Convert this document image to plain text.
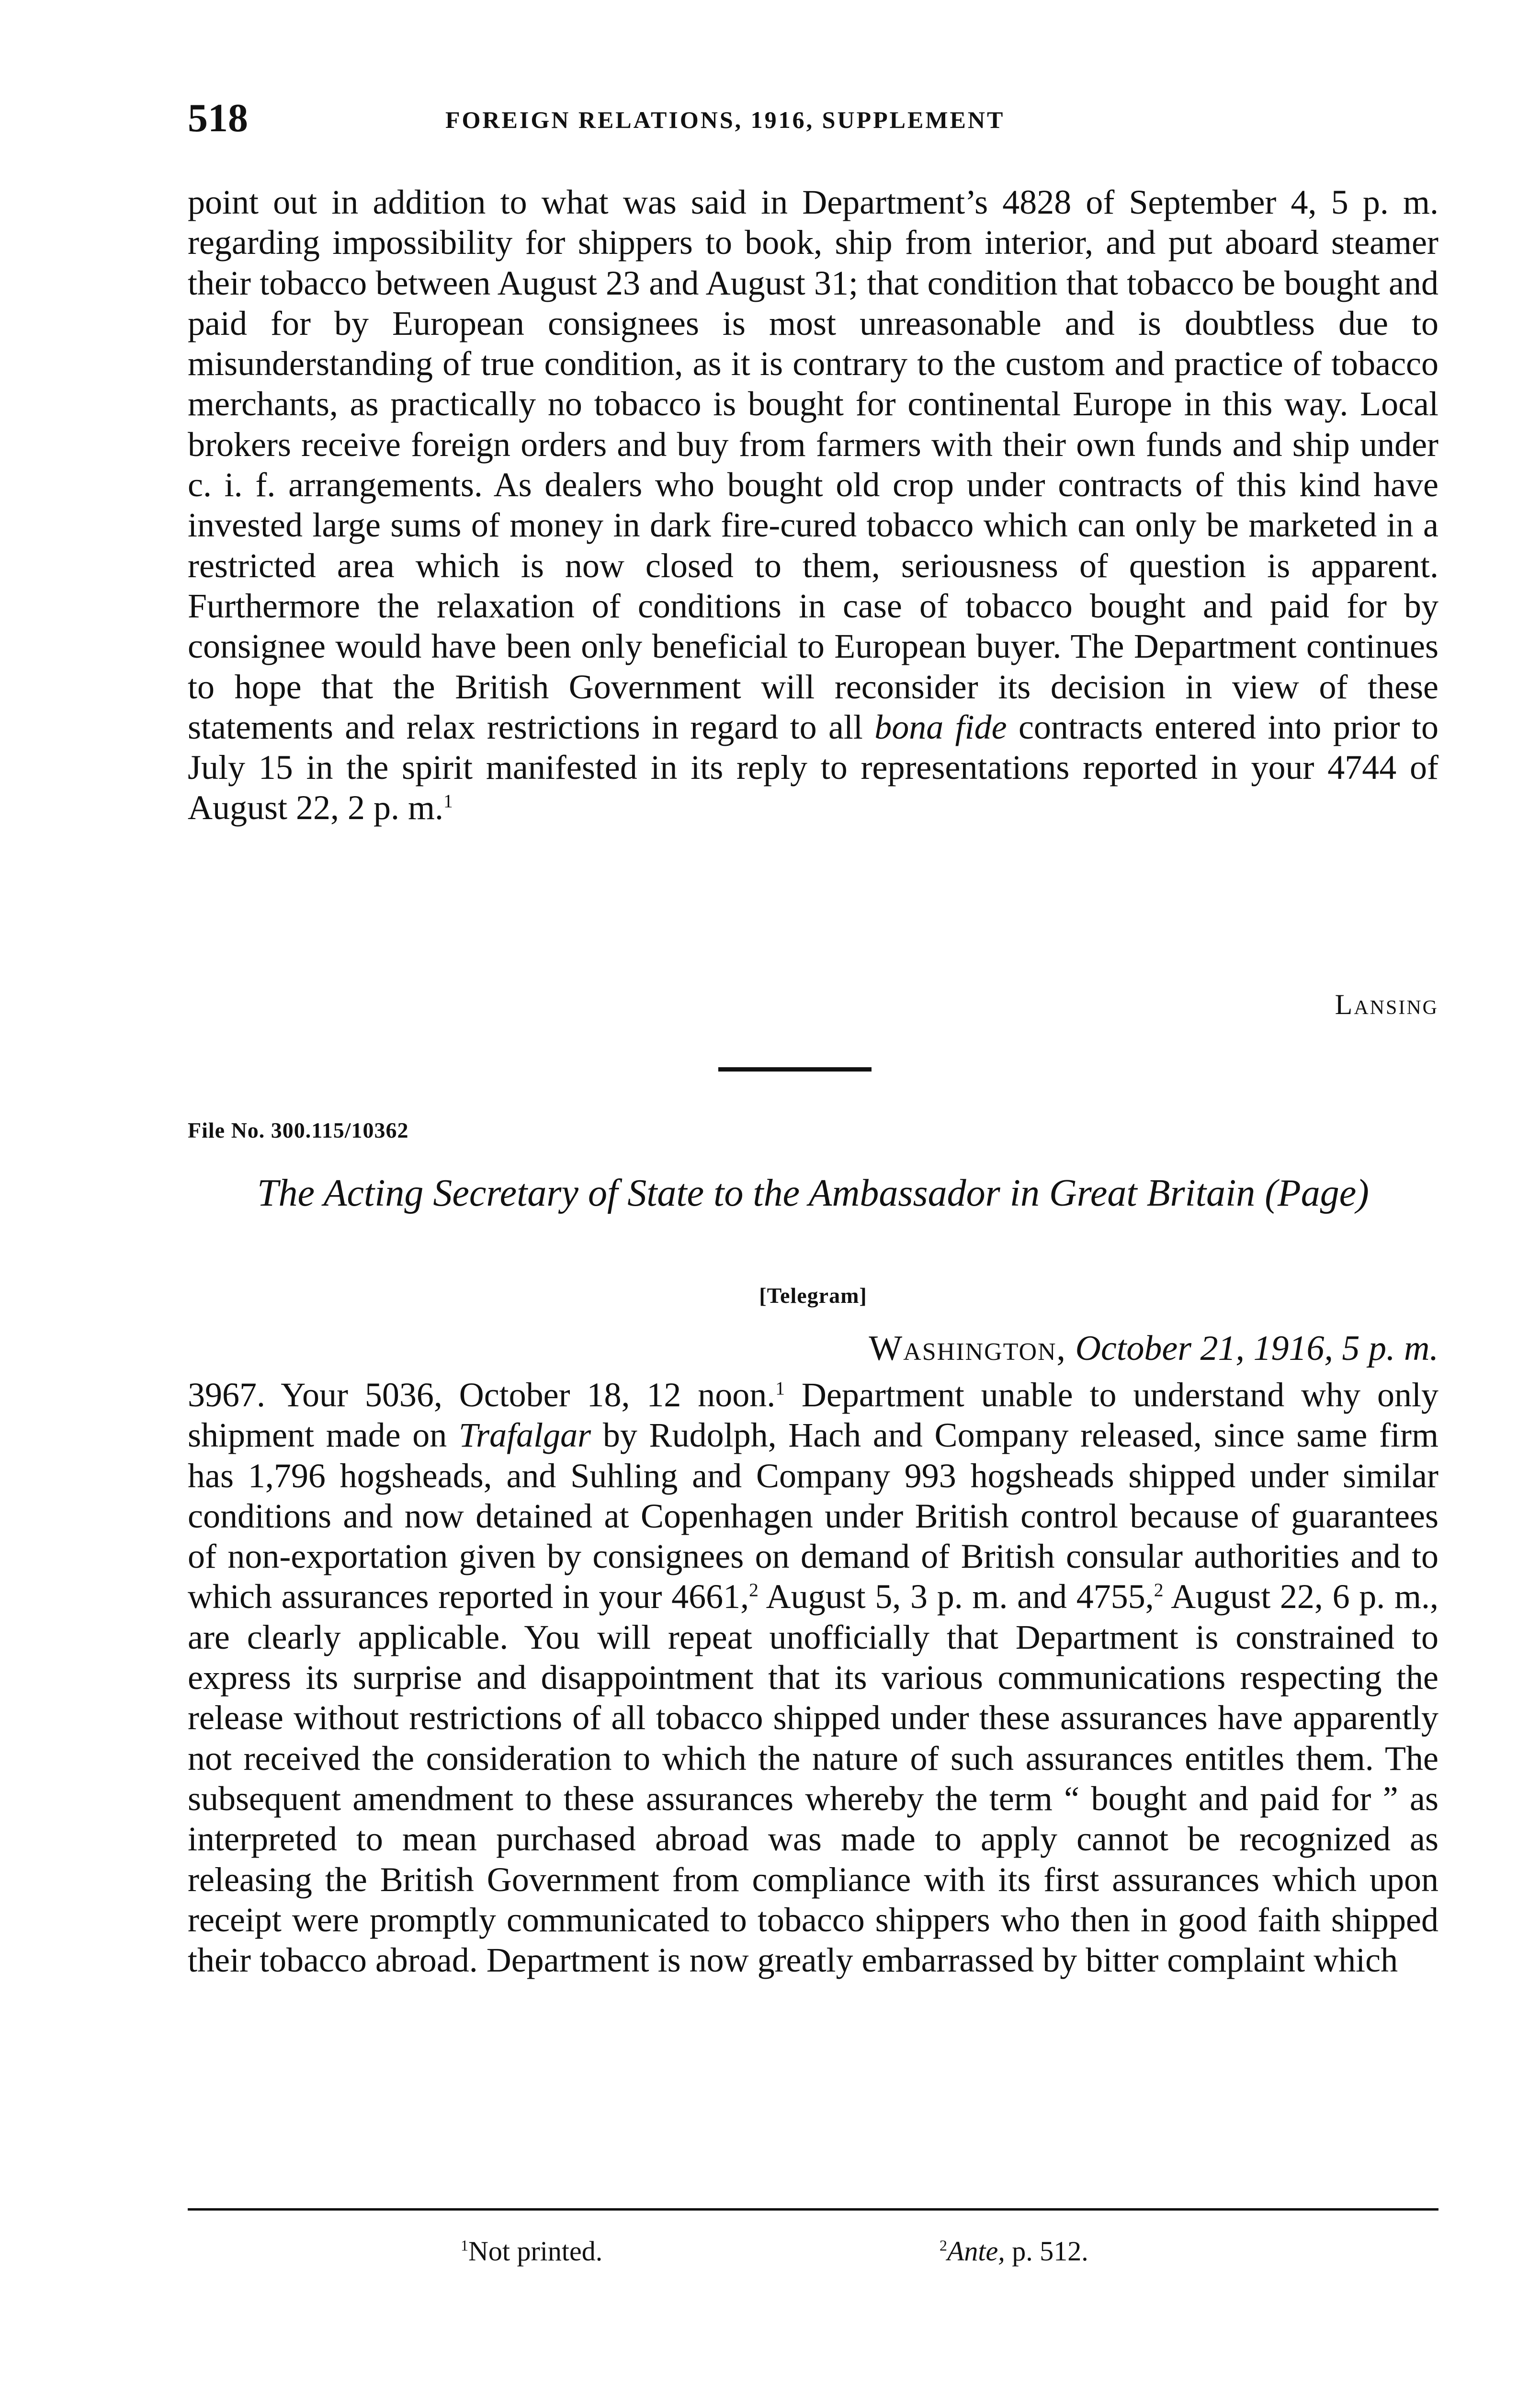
518	FOREIGN RELATIONS, 1916, SUPPLEMENT

point out in addition to what was said in Department’s 4828 of September 4, 5 p. m. regarding impossibility for shippers to book, ship from interior, and put aboard steamer their tobacco between August 23 and August 31; that condition that tobacco be bought and paid for by European consignees is most unreasonable and is doubtless due to misunderstanding of true condition, as it is contrary to the custom and practice of tobacco merchants, as practically no tobacco is bought for continental Europe in this way. Local brokers receive foreign orders and buy from farmers with their own funds and ship under c. i. f. arrangements. As dealers who bought old crop under contracts of this kind have invested large sums of money in dark fire-cured tobacco which can only be marketed in a restricted area which is now closed to them, seriousness of question is apparent. Furthermore the relaxation of conditions in case of tobacco bought and paid for by consignee would have been only beneficial to European buyer. The Department continues to hope that the British Government will reconsider its decision in view of these statements and relax restrictions in regard to all bona fide contracts entered into prior to July 15 in the spirit manifested in its reply to representations reported in your 4744 of August 22, 2 p. m.$^1$

Lansing
File No. 300.115/10362
The Acting Secretary of State to the Ambassador in Great Britain (Page)
[Telegram]
Washington, October 21, 1916, 5 p. m.

3967. Your 5036, October 18, 12 noon.$^1$ Department unable to understand why only shipment made on Trafalgar by Rudolph, Hach and Company released, since same firm has 1,796 hogsheads, and Suhling and Company 993 hogsheads shipped under similar conditions and now detained at Copenhagen under British control because of guarantees of non-exportation given by consignees on demand of British consular authorities and to which assurances reported in your 4661,$^2$ August 5, 3 p. m. and 4755,$^2$ August 22, 6 p. m., are clearly applicable. You will repeat unofficially that Department is constrained to express its surprise and disappointment that its various communications respecting the release without restrictions of all tobacco shipped under these assurances have apparently not received the consideration to which the nature of such assurances entitles them. The subsequent amendment to these assurances whereby the term “ bought and paid for ” as interpreted to mean purchased abroad was made to apply cannot be recognized as releasing the British Government from compliance with its first assurances which upon receipt were promptly communicated to tobacco shippers who then in good faith shipped their tobacco abroad. Department is now greatly embarrassed by bitter complaint which

$^1$Not printed.	$^2$Ante, p. 512.
